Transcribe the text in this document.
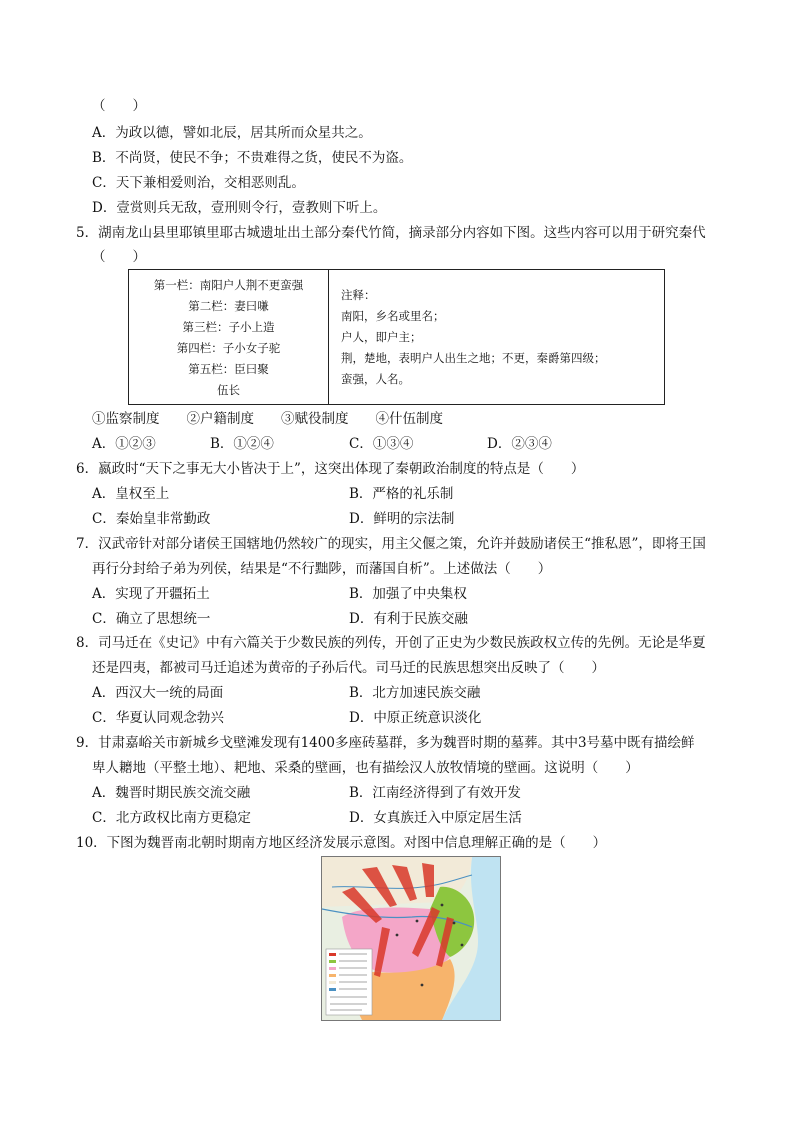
（　　）
A．为政以德，譬如北辰，居其所而众星共之。
B．不尚贤，使民不争；不贵难得之货，使民不为盗。
C．天下兼相爱则治，交相恶则乱。
D．壹赏则兵无敌，壹刑则令行，壹教则下听上。
5．湖南龙山县里耶镇里耶古城遗址出土部分秦代竹简，摘录部分内容如下图。这些内容可以用于研究秦代
（　　）
第一栏：南阳户人荆不更蛮强
第二栏：妻曰嗛
第三栏：子小上造
第四栏：子小女子驼
第五栏：臣曰聚
伍长

注释：
南阳，乡名或里名；
户人，即户主；
荆，楚地，表明户人出生之地；不更，秦爵第四级；
蛮强，人名。
①监察制度　　②户籍制度　　③赋役制度　　④什伍制度
A．①②③	B．①②④	C．①③④	D．②③④
6．嬴政时“天下之事无大小皆决于上”，这突出体现了秦朝政治制度的特点是（　　）
A．皇权至上	B．严格的礼乐制
C．秦始皇非常勤政	D．鲜明的宗法制
7．汉武帝针对部分诸侯王国辖地仍然较广的现实，用主父偃之策，允许并鼓励诸侯王“推私恩”，即将王国
再行分封给子弟为列侯，结果是“不行黜陟，而藩国自析”。上述做法（　　）
A．实现了开疆拓土	B．加强了中央集权
C．确立了思想统一	D．有利于民族交融
8．司马迁在《史记》中有六篇关于少数民族的列传，开创了正史为少数民族政权立传的先例。无论是华夏
还是四夷，都被司马迁追述为黄帝的子孙后代。司马迁的民族思想突出反映了（　　）
A．西汉大一统的局面	B．北方加速民族交融
C．华夏认同观念勃兴	D．中原正统意识淡化
9．甘肃嘉峪关市新城乡戈壁滩发现有1400多座砖墓群，多为魏晋时期的墓葬。其中3号墓中既有描绘鲜
卑人耱地（平整土地）、耙地、采桑的壁画，也有描绘汉人放牧情境的壁画。这说明（　　）
A．魏晋时期民族交流交融	B．江南经济得到了有效开发
C．北方政权比南方更稳定	D．女真族迁入中原定居生活
10．下图为魏晋南北朝时期南方地区经济发展示意图。对图中信息理解正确的是（　　）
